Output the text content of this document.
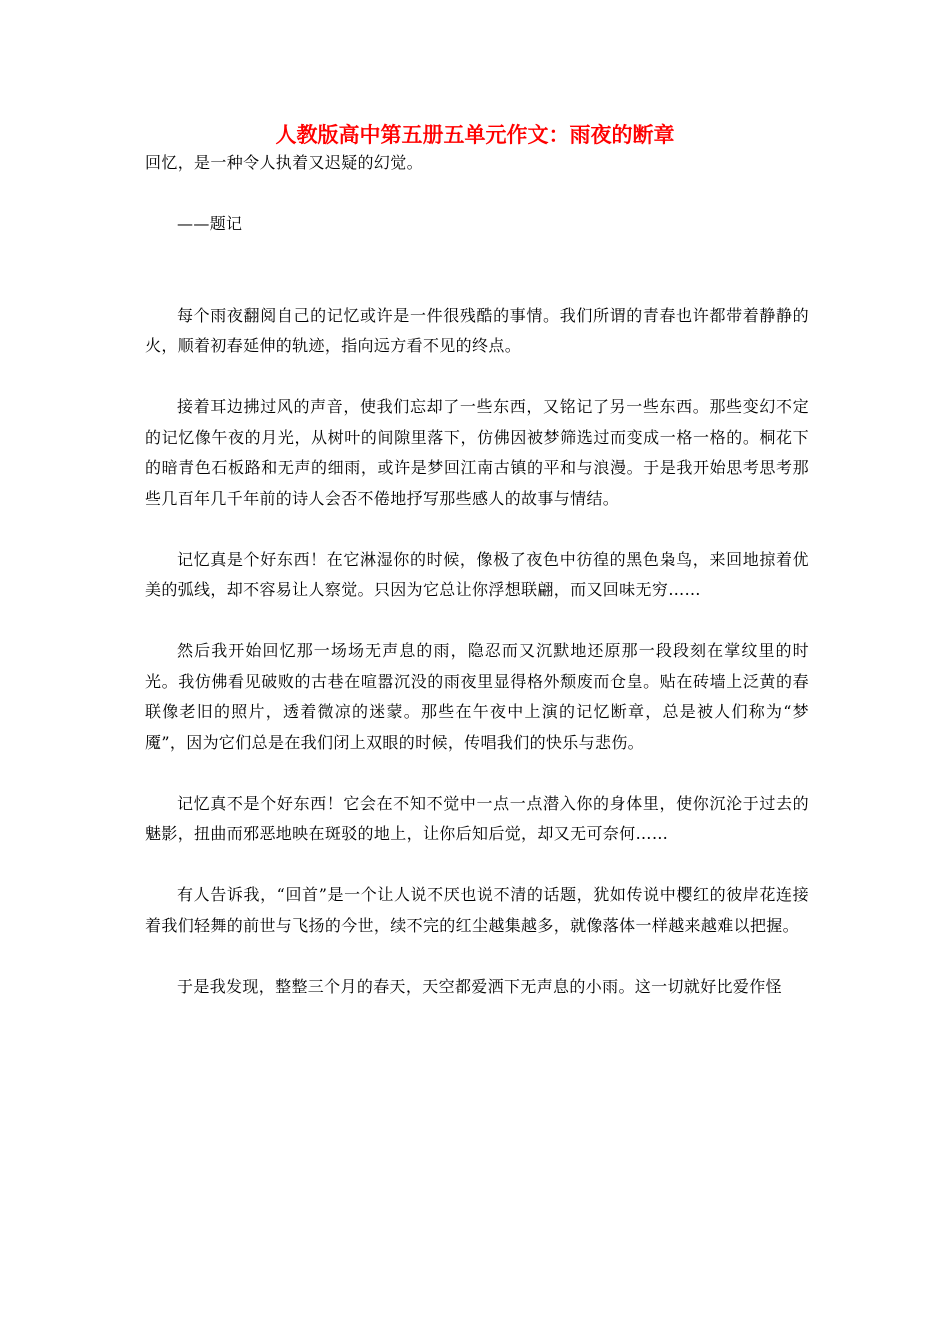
人教版高中第五册五单元作文：雨夜的断章

回忆，是一种令人执着又迟疑的幻觉。

——题记

每个雨夜翻阅自己的记忆或许是一件很残酷的事情。我们所谓的青春也许都带着静静的火，顺着初春延伸的轨迹，指向远方看不见的终点。

接着耳边拂过风的声音，使我们忘却了一些东西，又铭记了另一些东西。那些变幻不定的记忆像午夜的月光，从树叶的间隙里落下，仿佛因被梦筛选过而变成一格一格的。桐花下的暗青色石板路和无声的细雨，或许是梦回江南古镇的平和与浪漫。于是我开始思考思考那些几百年几千年前的诗人会否不倦地抒写那些感人的故事与情结。

记忆真是个好东西！在它淋湿你的时候，像极了夜色中彷徨的黑色枭鸟，来回地掠着优美的弧线，却不容易让人察觉。只因为它总让你浮想联翩，而又回味无穷……

然后我开始回忆那一场场无声息的雨，隐忍而又沉默地还原那一段段刻在掌纹里的时光。我仿佛看见破败的古巷在喧嚣沉没的雨夜里显得格外颓废而仓皇。贴在砖墙上泛黄的春联像老旧的照片，透着微凉的迷蒙。那些在午夜中上演的记忆断章，总是被人们称为“梦魇”，因为它们总是在我们闭上双眼的时候，传唱我们的快乐与悲伤。

记忆真不是个好东西！它会在不知不觉中一点一点潜入你的身体里，使你沉沦于过去的魅影，扭曲而邪恶地映在斑驳的地上，让你后知后觉，却又无可奈何……

有人告诉我，“回首”是一个让人说不厌也说不清的话题，犹如传说中樱红的彼岸花连接着我们轻舞的前世与飞扬的今世，续不完的红尘越集越多，就像落体一样越来越难以把握。

于是我发现，整整三个月的春天，天空都爱洒下无声息的小雨。这一切就好比爱作怪
